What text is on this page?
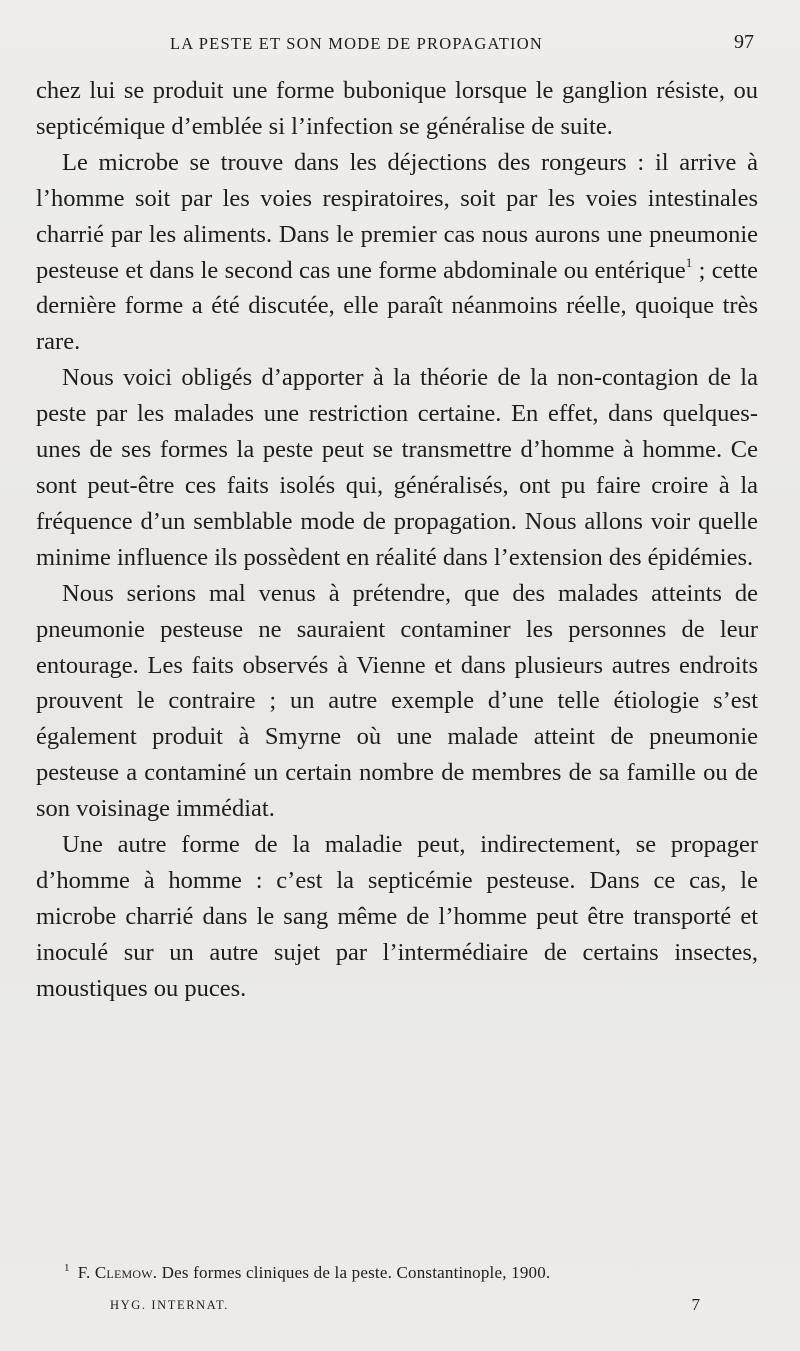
LA PESTE ET SON MODE DE PROPAGATION	97

chez lui se produit une forme bubonique lorsque le ganglion résiste, ou septicémique d’emblée si l’infection se généralise de suite.

Le microbe se trouve dans les déjections des rongeurs : il arrive à l’homme soit par les voies respiratoires, soit par les voies intestinales charrié par les aliments. Dans le premier cas nous aurons une pneumonie pesteuse et dans le second cas une forme abdominale ou entérique$^1$ ; cette dernière forme a été discutée, elle paraît néanmoins réelle, quoique très rare.

Nous voici obligés d’apporter à la théorie de la non-contagion de la peste par les malades une restriction certaine. En effet, dans quelques-unes de ses formes la peste peut se transmettre d’homme à homme. Ce sont peut-être ces faits isolés qui, généralisés, ont pu faire croire à la fréquence d’un semblable mode de propagation. Nous allons voir quelle minime influence ils possèdent en réalité dans l’extension des épidémies.

Nous serions mal venus à prétendre, que des malades atteints de pneumonie pesteuse ne sauraient contaminer les personnes de leur entourage. Les faits observés à Vienne et dans plusieurs autres endroits prouvent le contraire ; un autre exemple d’une telle étiologie s’est également produit à Smyrne où une malade atteint de pneumonie pesteuse a contaminé un certain nombre de membres de sa famille ou de son voisinage immédiat.

Une autre forme de la maladie peut, indirectement, se propager d’homme à homme : c’est la septicémie pesteuse. Dans ce cas, le microbe charrié dans le sang même de l’homme peut être transporté et inoculé sur un autre sujet par l’intermédiaire de certains insectes, moustiques ou puces.

$^1$ F. Clemow. Des formes cliniques de la peste. Constantinople, 1900.
HYG. INTERNAT.	7
